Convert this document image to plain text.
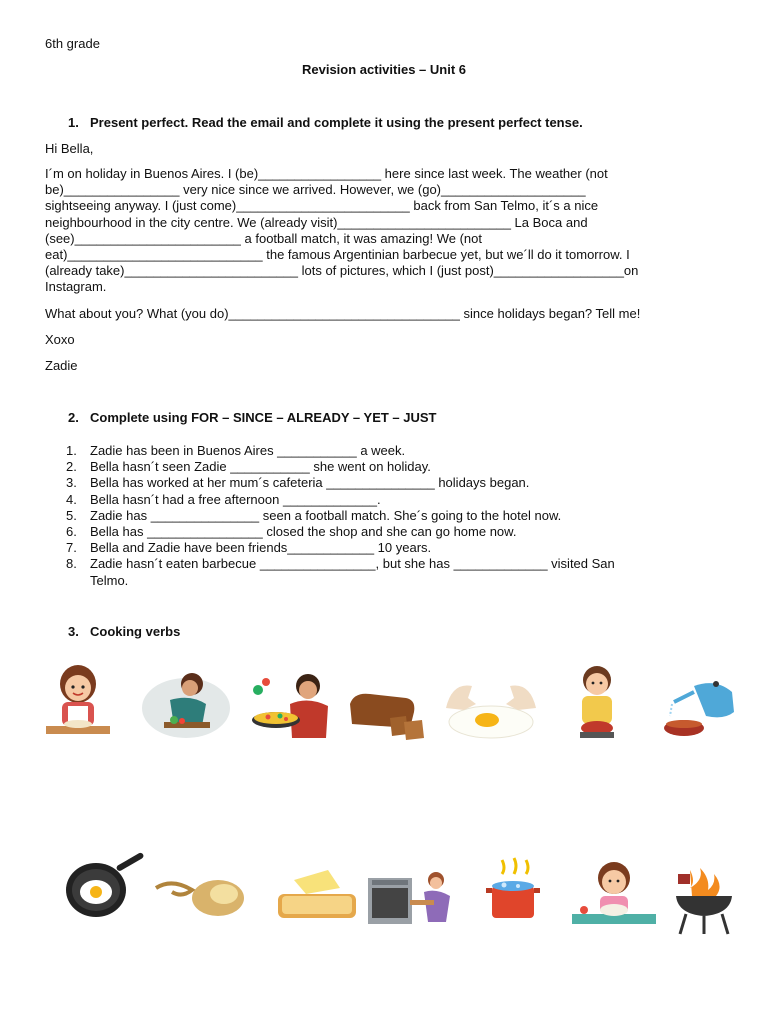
6th grade
Revision activities – Unit 6
1. Present perfect. Read the email and complete it using the present perfect tense.
Hi Bella,
I´m on holiday in Buenos Aires. I (be)_________________ here since last week. The weather (not
be)________________ very nice since we arrived. However, we (go)____________________
sightseeing anyway. I (just come)________________________ back from San Telmo, it´s a nice
neighbourhood in the city centre. We (already visit)________________________ La Boca and
(see)_______________________ a football match, it was amazing! We (not
eat)___________________________ the famous Argentinian barbecue yet, but we´ll do it tomorrow. I
(already take)________________________ lots of pictures, which I (just post)__________________on
Instagram.
What about you? What (you do)________________________________ since holidays began? Tell me!
Xoxo
Zadie
2. Complete using FOR – SINCE – ALREADY – YET – JUST
1. Zadie has been in Buenos Aires ___________ a week.
2. Bella hasn´t seen Zadie ___________ she went on holiday.
3. Bella has worked at her mum´s cafeteria _______________ holidays began.
4. Bella hasn´t had a free afternoon _____________.
5. Zadie has _______________ seen a football match. She´s going to the hotel now.
6. Bella has ________________ closed the shop and she can go home now.
7. Bella and Zadie have been friends____________ 10 years.
8. Zadie hasn´t eaten barbecue ________________, but she has _____________ visited San
Telmo.
3. Cooking verbs
